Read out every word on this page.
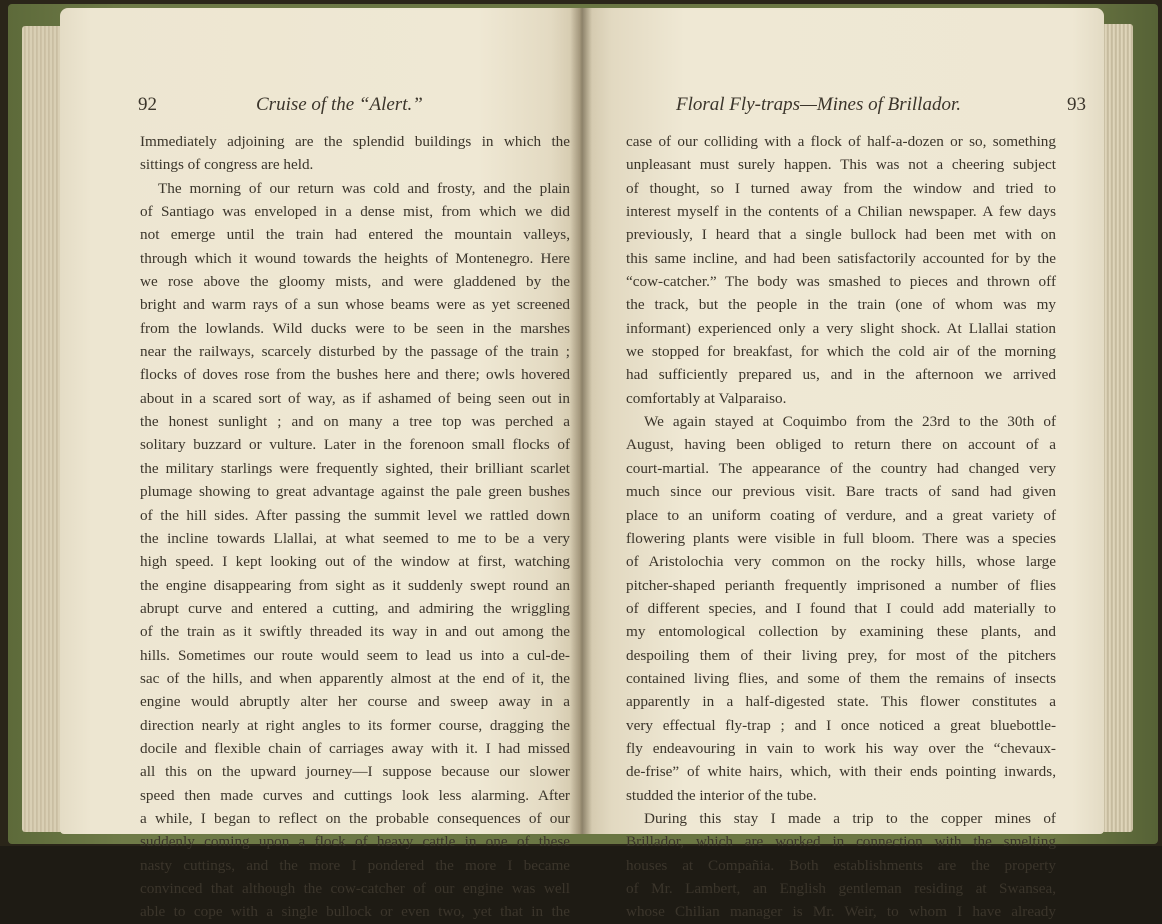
92	Cruise of the “Alert.”
Immediately adjoining are the splendid buildings in which the
sittings of congress are held.
The morning of our return was cold and frosty, and the plain
of Santiago was enveloped in a dense mist, from which we did
not emerge until the train had entered the mountain valleys,
through which it wound towards the heights of Montenegro. Here
we rose above the gloomy mists, and were gladdened by the
bright and warm rays of a sun whose beams were as yet screened
from the lowlands. Wild ducks were to be seen in the marshes
near the railways, scarcely disturbed by the passage of the train ;
flocks of doves rose from the bushes here and there; owls hovered
about in a scared sort of way, as if ashamed of being seen out in
the honest sunlight ; and on many a tree top was perched a
solitary buzzard or vulture. Later in the forenoon small flocks of
the military starlings were frequently sighted, their brilliant scarlet
plumage showing to great advantage against the pale green bushes
of the hill sides. After passing the summit level we rattled down
the incline towards Llallai, at what seemed to me to be a very
high speed. I kept looking out of the window at first, watching
the engine disappearing from sight as it suddenly swept round an
abrupt curve and entered a cutting, and admiring the wriggling
of the train as it swiftly threaded its way in and out among the
hills. Sometimes our route would seem to lead us into a cul-de-
sac of the hills, and when apparently almost at the end of it, the
engine would abruptly alter her course and sweep away in a
direction nearly at right angles to its former course, dragging the
docile and flexible chain of carriages away with it. I had missed
all this on the upward journey—I suppose because our slower
speed then made curves and cuttings look less alarming. After
a while, I began to reflect on the probable consequences of our
suddenly coming upon a flock of heavy cattle in one of these
nasty cuttings, and the more I pondered the more I became
convinced that although the cow-catcher of our engine was well
able to cope with a single bullock or even two, yet that in the
Floral Fly-traps—Mines of Brillador.	93
case of our colliding with a flock of half-a-dozen or so, something
unpleasant must surely happen. This was not a cheering subject
of thought, so I turned away from the window and tried to
interest myself in the contents of a Chilian newspaper. A few days
previously, I heard that a single bullock had been met with on
this same incline, and had been satisfactorily accounted for by the
“cow-catcher.” The body was smashed to pieces and thrown off
the track, but the people in the train (one of whom was my
informant) experienced only a very slight shock. At Llallai station
we stopped for breakfast, for which the cold air of the morning
had sufficiently prepared us, and in the afternoon we arrived
comfortably at Valparaiso.
We again stayed at Coquimbo from the 23rd to the 30th of
August, having been obliged to return there on account of a
court-martial. The appearance of the country had changed very
much since our previous visit. Bare tracts of sand had given
place to an uniform coating of verdure, and a great variety of
flowering plants were visible in full bloom. There was a species
of Aristolochia very common on the rocky hills, whose large
pitcher-shaped perianth frequently imprisoned a number of flies
of different species, and I found that I could add materially to
my entomological collection by examining these plants, and
despoiling them of their living prey, for most of the pitchers
contained living flies, and some of them the remains of insects
apparently in a half-digested state. This flower constitutes a
very effectual fly-trap ; and I once noticed a great bluebottle-
fly endeavouring in vain to work his way over the “chevaux-
de-frise” of white hairs, which, with their ends pointing inwards,
studded the interior of the tube.
During this stay I made a trip to the copper mines of
Brillador, which are worked in connection with the smelting
houses at Compañia. Both establishments are the property
of Mr. Lambert, an English gentleman residing at Swansea,
whose Chilian manager is Mr. Weir, to whom I have already
